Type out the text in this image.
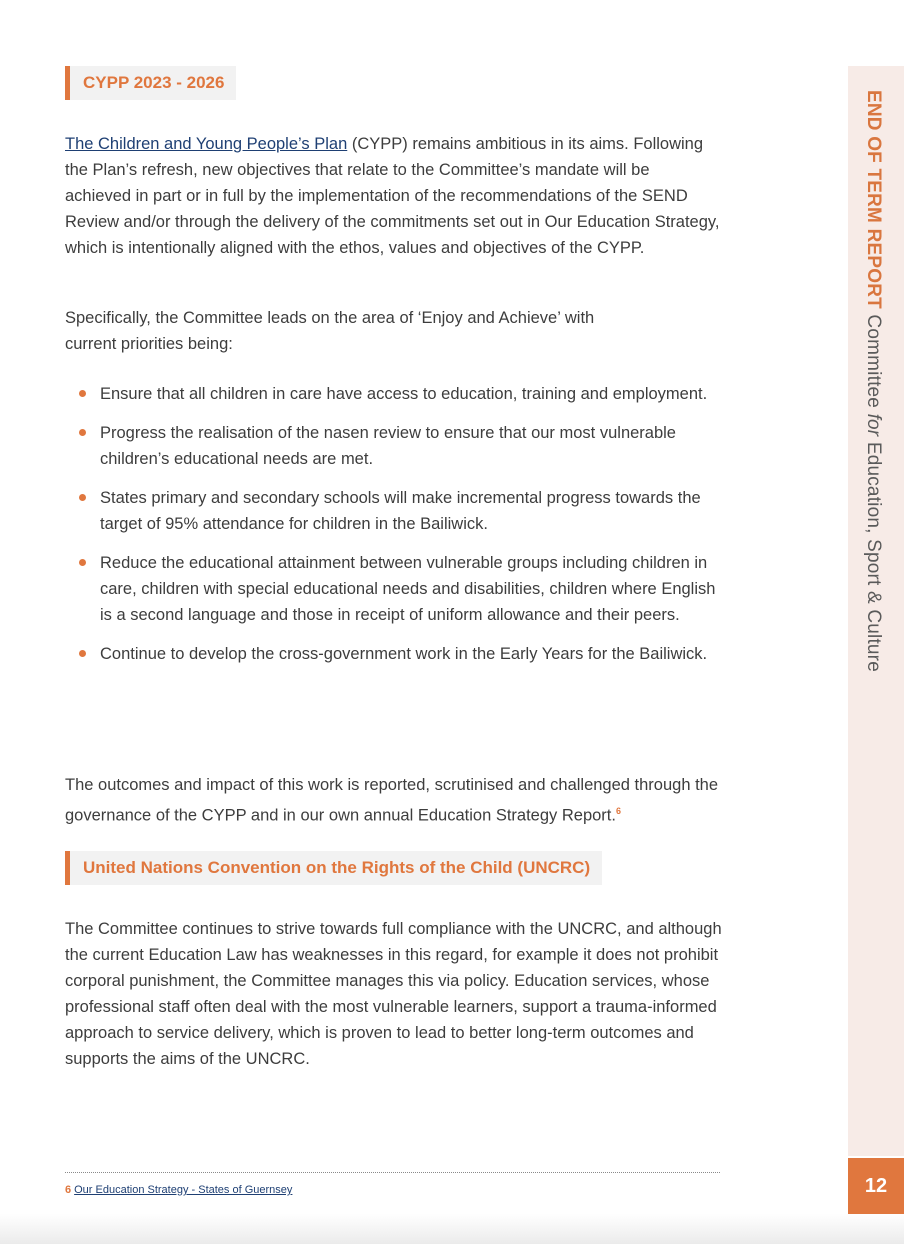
END OF TERM REPORT Committee for Education, Sport & Culture
12
CYPP 2023 - 2026

The Children and Young People’s Plan (CYPP) remains ambitious in its aims. Following the Plan’s refresh, new objectives that relate to the Committee’s mandate will be achieved in part or in full by the implementation of the recommendations of the SEND Review and/or through the delivery of the commitments set out in Our Education Strategy, which is intentionally aligned with the ethos, values and objectives of the CYPP.

Specifically, the Committee leads on the area of ‘Enjoy and Achieve’ with current priorities being:

Ensure that all children in care have access to education, training and employment.
Progress the realisation of the nasen review to ensure that our most vulnerable children’s educational needs are met.
States primary and secondary schools will make incremental progress towards the target of 95% attendance for children in the Bailiwick.
Reduce the educational attainment between vulnerable groups including children in care, children with special educational needs and disabilities, children where English is a second language and those in receipt of uniform allowance and their peers.
Continue to develop the cross-government work in the Early Years for the Bailiwick.

The outcomes and impact of this work is reported, scrutinised and challenged through the governance of the CYPP and in our own annual Education Strategy Report.$^6$

United Nations Convention on the Rights of the Child (UNCRC)

The Committee continues to strive towards full compliance with the UNCRC, and although the current Education Law has weaknesses in this regard, for example it does not prohibit corporal punishment, the Committee manages this via policy. Education services, whose professional staff often deal with the most vulnerable learners, support a trauma-informed approach to service delivery, which is proven to lead to better long-term outcomes and supports the aims of the UNCRC.

6 Our Education Strategy - States of Guernsey
